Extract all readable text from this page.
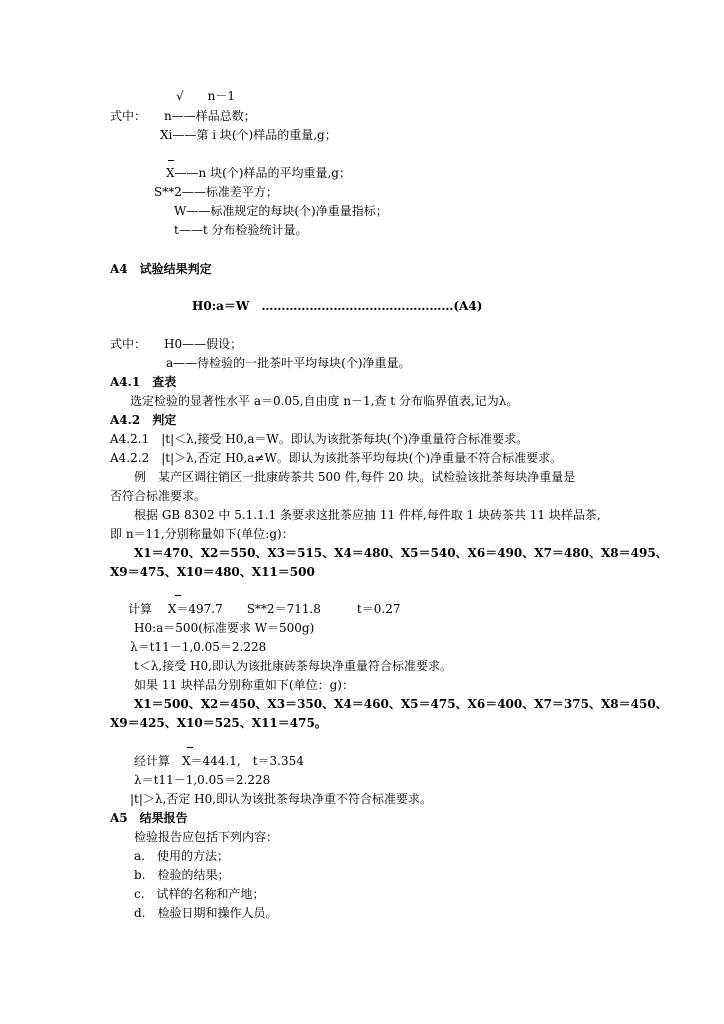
√　　n－1
式中：　　n——样品总数；
Xi——第 i 块(个)样品的重量,g；
X——n 块(个)样品的平均重量,g；
S**2——标准差平方；
W——标准规定的每块(个)净重量指标；
t——t 分布检验统计量。
A4　试验结果判定
H0:a＝W　…………………………………………(A4)
式中：　　H0——假设；
a——待检验的一批茶叶平均每块(个)净重量。
A4.1　查表
选定检验的显著性水平 a＝0.05,自由度 n－1,查 t 分布临界值表,记为λ。
A4.2　判定
A4.2.1　|t|＜λ,接受 H0,a＝W。即认为该批茶每块(个)净重量符合标准要求。
A4.2.2　|t|＞λ,否定 H0,a≠W。即认为该批茶平均每块(个)净重量不符合标准要求。
例　某产区调往销区一批康砖茶共 500 件,每件 20 块。试检验该批茶每块净重量是
否符合标准要求。
根据 GB 8302 中 5.1.1.1 条要求这批茶应抽 11 件样,每件取 1 块砖茶共 11 块样品茶,
即 n＝11,分别称量如下(单位:g)：
X1＝470、X2＝550、X3＝515、X4＝480、X5＝540、X6＝490、X7＝480、X8＝495、
X9＝475、X10＝480、X11＝500
计算　 X＝497.7　　S**2＝711.8　　　t＝0.27
H0:a＝500(标准要求 W＝500g)
λ＝t11－1,0.05＝2.228
t＜λ,接受 H0,即认为该批康砖茶每块净重量符合标准要求。
如果 11 块样品分别称重如下(单位：g)：
X1＝500、X2＝450、X3＝350、X4＝460、X5＝475、X6＝400、X7＝375、X8＝450、
X9＝425、X10＝525、X11＝475。
经计算　X＝444.1,　t＝3.354
λ＝t11－1,0.05＝2.228
|t|＞λ,否定 H0,即认为该批茶每块净重不符合标准要求。
A5　结果报告
检验报告应包括下列内容：
a.　使用的方法；
b.　检验的结果；
c.　试样的名称和产地；
d.　检验日期和操作人员。
